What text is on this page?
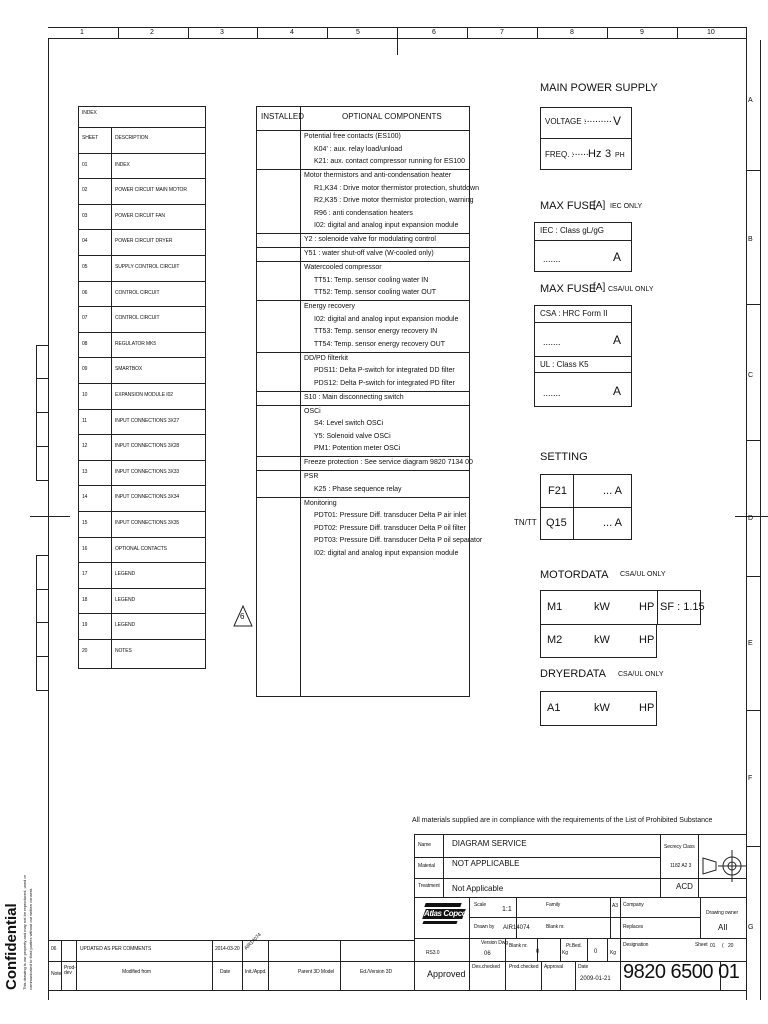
1	2	3	4	5	6	7	8	9	10
A
B
C
D
E
F
G
01	INDEX
02	POWER CIRCUIT MAIN MOTOR
03	POWER CIRCUIT FAN
04	POWER CIRCUIT DRYER
05	SUPPLY CONTROL CIRCUIT
06	CONTROL CIRCUIT
07	CONTROL CIRCUIT
08	REGULATOR MK5
09	SMARTBOX
10	EXPANSION MODULE I02
11	INPUT CONNECTIONS 3X27
12	INPUT CONNECTIONS 3X28
13	INPUT CONNECTIONS 3X33
14	INPUT CONNECTIONS 3X34
15	INPUT CONNECTIONS 3X35
16	OPTIONAL CONTACTS
17	LEGEND
18	LEGEND
19	LEGEND
20	NOTES
INDEX
SHEET	DESCRIPTION
INSTALLED	OPTIONAL COMPONENTS
Potential free contacts (ES100)
K04' : aux. relay load/unload
K21: aux. contact compressor running for ES100
Motor thermistors and anti-condensation heater
R1,K34 : Drive motor thermistor protection, shutdown
R2,K35 : Drive motor thermistor protection, warning
R96 : anti condensation heaters
I02: digital and analog input expansion module
Y2 : solenoide valve for modulating control
Y51 : water shut-off valve (W-cooled only)
Watercooled compressor
TT51: Temp. sensor cooling water IN
TT52: Temp. sensor cooling water OUT
Energy recovery
I02: digital and analog input expansion module
TT53: Temp. sensor energy recovery IN
TT54: Temp. sensor energy recovery OUT
DD/PD filterkit
PDS11: Delta P-switch for integrated DD filter
PDS12: Delta P-switch for integrated PD filter
S10 : Main disconnecting switch
OSCi
S4: Level switch OSCi
Y5: Solenoid valve OSCi
PM1: Potention meter OSCi
Freeze protection : See service diagram 9820 7134 00
PSR
K25 : Phase sequence relay
Monitoring
PDT01: Pressure Diff. transducer Delta P air inlet
PDT02: Pressure Diff. transducer Delta P oil filter
PDT03: Pressure Diff. transducer Delta P oil separator
I02: digital and analog input expansion module
6
MAIN POWER SUPPLY
VOLTAGE :
.......... V
FREQ. :
...... Hz 3 PH
MAX FUSE
[A] IEC ONLY
IEC : Class gL/gG
.......	A
MAX FUSE
[A] CSA/UL ONLY
CSA : HRC Form II
.......	A
UL : Class K5
.......	A
SETTING
F21	... A
Q15	... A
TN/TT
MOTORDATA CSA/UL ONLY
M1	kW	HP SF : 1.15
M2	kW	HP
DRYERDATA CSA/UL ONLY
A1	kW	HP
All materials supplied are in compliance with the requirements of the List of Prohibited Substance
Name	DIAGRAM SERVICE
Material NOT APPLICABLE
Treatment Not Applicable
Secrecy Class
1182 A2 3
ACD
Atlas Copco
RS3.0
Scale
1:1
Drawn by AIR14074
Family
Blank nr.
A3 Company
Replaces
Drawing owner
AII
Version Dwg
06
Blank nr.
0	Kg
Pt.Bed.
0	Kg
Designation	Sheet 01 ( 20
Approved
Des.checked Prod.checked Approval	Date
2009-01-21 9820 6500 01
06	UPDATED AS PER COMMENTS	2014-03-20 AIR14074
Note
Prod-dev	Modified from	Date	Init./Appd.	Parent 3D Model	Ed./Version 3D
Confidential This drawing is our property and may not be reproduced, used or communicated to third parties without our written consent.
